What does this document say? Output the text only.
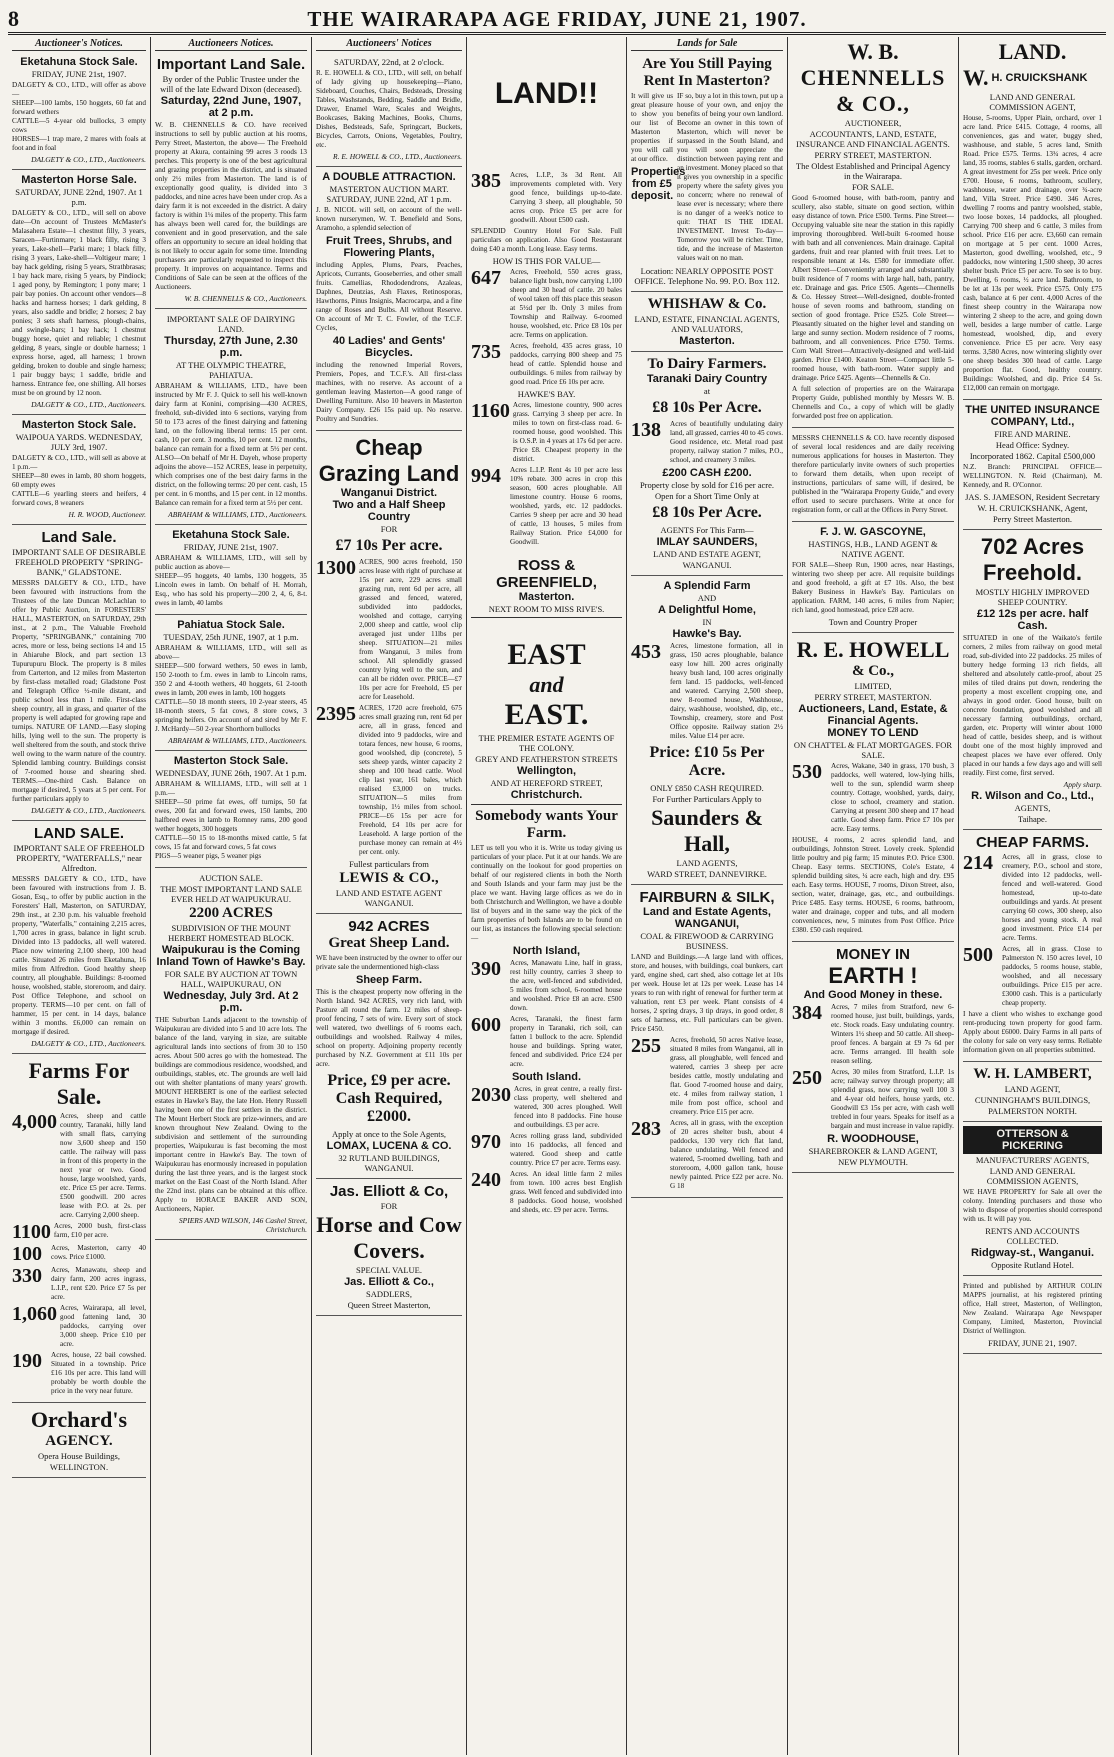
8	THE WAIRARAPA AGE FRIDAY, JUNE 21, 1907.
Auctioneer's Notices.
Eketahuna Stock Sale.
FRIDAY, JUNE 21st, 1907.
DALGETY & CO., LTD., will offer as above—
SHEEP—100 lambs, 150 hoggets, 60 fat and forward wethers
CATTLE—5 4-year old bullocks, 3 empty cows
HORSES—1 trap mare, 2 mares with foals at foot and in foal
DALGETY & CO., LTD., Auctioneers.
Masterton Horse Sale.
SATURDAY, JUNE 22nd, 1907. At 1 p.m.
DALGETY & CO., LTD., will sell on above date—On account of Trustees McMaster's Malasahera Estate—1 chestnut filly, 3 years, Saracen—Furtinmare; 1 black filly, rising 3 years, Lake-shell—Parki mare; 1 black filly, rising 3 years, Lake-shell—Voltigeur mare; 1 bay hack gelding, rising 5 years, Strathbrasas; 1 bay hack mare, rising 5 years, by Pindiock; 1 aged pony, by Remington; 1 pony mare; 1 pair bay ponies. On account other vendors—8 hacks and harness horses; 1 dark gelding, 8 years, also saddle and bridle; 2 horses; 2 bay ponies; 3 sets shaft harness, plough-chains, and swingle-bars; 1 bay hack; 1 chestnut buggy horse, quiet and reliable; 1 chestnut gelding, 8 years, single or double harness; 1 express horse, aged, all harness; 1 brown gelding, broken to double and single harness; 1 pair buggy bays; 1 saddle, bridle and harness. Entrance fee, one shilling. All horses must be on ground by 12 noon.
DALGETY & CO., LTD., Auctioneers.
Masterton Stock Sale.
WAIPOUA YARDS. WEDNESDAY, JULY 3rd, 1907.
DALGETY & CO., LTD., will sell as above at 1 p.m.—
SHEEP—80 ewes in lamb, 80 shorn hoggets, 60 empty ewes
CATTLE—6 yearling steers and heifers, 4 forward cows, 8 weaners
H. R. WOOD, Auctioneer.
Land Sale.
IMPORTANT SALE OF DESIRABLE FREEHOLD PROPERTY "SPRING-BANK," GLADSTONE.
MESSRS DALGETY & CO., LTD., have been favoured with instructions from the Trustees of the late Duncan McLachlan to offer by Public Auction, in FORESTERS' HALL, MASTERTON, on SATURDAY, 29th inst., at 2 p.m., The Valuable Freehold Property, "SPRINGBANK," containing 700 acres, more or less, being sections 14 and 15 in Ahiaruhe Block, and part section 13 Tupurupuru Block. The property is 8 miles from Carterton, and 12 miles from Masterton by first-class metalled road; Gladstone Post and Telegraph Office ½-mile distant, and public school less than 1 mile. First-class sheep country, all in grass, and quarter of the property is well adapted for growing rape and turnips. NATURE OF LAND.—Easy sloping hills, lying well to the sun. The property is well sheltered from the south, and stock thrive well owing to the warm nature of the country. Splendid lambing country. Buildings consist of 7-roomed house and shearing shed. TERMS.—One-third Cash. Balance on mortgage if desired, 5 years at 5 per cent. For further particulars apply to
DALGETY & CO., LTD., Auctioneers.
LAND SALE.
IMPORTANT SALE OF FREEHOLD PROPERTY, "WATERFALLS," near Alfredton.
MESSRS DALGETY & CO., LTD., have been favoured with instructions from J. B. Gosan, Esq., to offer by public auction in the Foresters' Hall, Masterton, on SATURDAY, 29th inst., at 2.30 p.m. his valuable freehold property, "Waterfalls," containing 2,215 acres, 1,700 acres in grass, balance in light scrub. Divided into 13 paddocks, all well watered. Place now wintering 2,100 sheep, 100 head cattle. Situated 26 miles from Eketahuna, 16 miles from Alfredton. Good healthy sheep country, all ploughable. Buildings: 8-roomed house, woolshed, stable, storeroom, and dairy. Post Office Telephone, and school on property. TERMS—10 per cent. on fall of hammer, 15 per cent. in 14 days, balance within 3 months. £6,000 can remain on mortgage if desired.
DALGETY & CO., LTD., Auctioneers.
Farms For Sale.
4,000 Acres, sheep and cattle country, Taranaki, hilly land with small flats, carrying now 3,600 sheep and 150 cattle. The railway will pass in front of this property in the next year or two. Good house, large woolshed, yards, etc. Price £5 per acre. Terms. £500 goodwill. 200 acres lease with P.O. at 2s. per acre. Carrying 2,000 sheep.
1100 Acres, 2000 bush, first-class farm, £10 per acre.
100	Acres, Masterton, carry 40 cows. Price £1000.
330	Acres, Manawatu, sheep and dairy farm, 200 acres ingrass, L.I.P., rent £20. Price £7 5s per acre.
1,060 Acres, Wairarapa, all level, good fattening land, 30 paddocks, carrying over 3,000 sheep. Price £10 per acre.
190	Acres, house, 22 bail cowshed. Situated in a township. Price £16 10s per acre. This land will probably be worth double the price in the very near future.
Orchard's
AGENCY.
Opera House Buildings,
WELLINGTON.
Auctioneers Notices.
Important Land Sale.
By order of the Public Trustee under the will of the late Edward Dixon (deceased).
Saturday, 22nd June, 1907, at 2 p.m.
W. B. CHENNELLS & CO. have received instructions to sell by public auction at his rooms, Perry Street, Masterton, the above— The Freehold property at Akura, containing 99 acres 3 roods 13 perches. This property is one of the best agricultural and grazing properties in the district, and is situated only 2½ miles from Masterton. The land is of exceptionally good quality, is divided into 3 paddocks, and nine acres have been under crop. As a dairy farm it is not exceeded in the district. A dairy factory is within 1¼ miles of the property. This farm has always been well cared for, the buildings are convenient and in good preservation, and the sale offers an opportunity to secure an ideal holding that is not likely to occur again for some time. Intending purchasers are particularly requested to inspect this property. It improves on acquaintance. Terms and Conditions of Sale can be seen at the offices of the Auctioneers.
W. B. CHENNELLS & CO., Auctioneers.
IMPORTANT SALE OF DAIRYING LAND.
Thursday, 27th June, 2.30 p.m.
AT THE OLYMPIC THEATRE, PAHIATUA.
ABRAHAM & WILLIAMS, LTD., have been instructed by Mr F. J. Quick to sell his well-known dairy farm at Konini, comprising—430 ACRES, freehold, sub-divided into 6 sections, varying from 50 to 173 acres of the finest dairying and fattening land, on the following liberal terms: 15 per cent. cash, 10 per cent. 3 months, 10 per cent. 12 months, balance can remain for a fixed term at 5½ per cent. ALSO—On behalf of Mr H. Dayeh, whose property adjoins the above—152 ACRES, lease in perpetuity, which comprises one of the best dairy farms in the district, on the following terms: 20 per cent. cash, 15 per cent. in 6 months, and 15 per cent. in 12 months. Balance can remain for a fixed term at 5½ per cent.
ABRAHAM & WILLIAMS, LTD., Auctioneers.
Eketahuna Stock Sale.
FRIDAY, JUNE 21st, 1907.
ABRAHAM & WILLIAMS, LTD., will sell by public auction as above—
SHEEP—95 hoggets, 40 lambs, 130 hoggets, 35 Lincoln ewes in lamb. On behalf of H. Morrah, Esq., who has sold his property—200 2, 4, 6, 8-t. ewes in lamb, 40 lambs
Pahiatua Stock Sale.
TUESDAY, 25th JUNE, 1907, at 1 p.m.
ABRAHAM & WILLIAMS, LTD., will sell as above—
SHEEP—500 forward wethers, 50 ewes in lamb, 150 2-tooth to f.m. ewes in lamb to Lincoln rams, 350 2 and 4-tooth wethers, 40 hoggets, 61 2-tooth ewes in lamb, 200 ewes in lamb, 100 hoggets
CATTLE—50 18 month steers, 10 2-year steers, 45 18-month steers, 5 fat cows, 8 store cows, 3 springing heifers. On account of and sired by Mr F. J. McHardy—50 2-year Shorthorn bullocks
ABRAHAM & WILLIAMS, LTD., Auctioneers.
Masterton Stock Sale.
WEDNESDAY, JUNE 26th, 1907. At 1 p.m.
ABRAHAM & WILLIAMS, LTD., will sell at 1 p.m.—
SHEEP—50 prime fat ewes, off turnips, 50 fat ewes, 200 fat and forward ewes, 150 lambs, 200 halfbred ewes in lamb to Romney rams, 200 good wether hoggets, 300 hoggets
CATTLE—50 15 to 18-months mixed cattle, 5 fat cows, 15 fat and forward cows, 5 fat cows
PIGS—5 weaner pigs, 5 weaner pigs
AUCTION SALE.
THE MOST IMPORTANT LAND SALE EVER HELD AT WAIPUKURAU.
2200 ACRES
SUBDIVISION OF THE MOUNT HERBERT HOMESTEAD BLOCK.
Waipukurau is the Coming Inland Town of Hawke's Bay.
FOR SALE BY AUCTION AT TOWN HALL, WAIPUKURAU, ON
Wednesday, July 3rd. At 2 p.m.
THE Suburban Lands adjacent to the township of Waipukurau are divided into 5 and 10 acre lots. The balance of the land, varying in size, are suitable agricultural lands into sections of from 30 to 150 acres. About 500 acres go with the homestead. The buildings are commodious residence, woodshed, and outbuildings, stables, etc. The grounds are well laid out with shelter plantations of many years' growth. MOUNT HERBERT is one of the earliest selected estates in Hawke's Bay, the late Hon. Henry Russell having been one of the first settlers in the district. The Mount Herbert Stock are prize-winners, and are known throughout New Zealand. Owing to the subdivision and settlement of the surrounding properties, Waipukurau is fast becoming the most important centre in Hawke's Bay. The town of Waipukurau has enormously increased in population during the last three years, and is the largest stock market on the East Coast of the North Island. After the 22nd inst. plans can be obtained at this office. Apply to HORACE BAKER AND SON, Auctioneers, Napier.
SPIERS AND WILSON, 146 Cashel Street, Christchurch.
Auctioneers' Notices
SATURDAY, 22nd, at 2 o'clock.
R. E. HOWELL & CO., LTD., will sell, on behalf of lady giving up housekeeping—Piano, Sideboard, Couches, Chairs, Bedsteads, Dressing Tables, Washstands, Bedding, Saddle and Bridle, Drawer, Enamel Ware, Scales and Weights, Bookcases, Baking Machines, Books, Churns, Dishes, Bedsteads, Safe, Springcart, Buckets, Bicycles, Carrots, Onions, Vegetables, Poultry, etc.
R. E. HOWELL & CO., LTD., Auctioneers.
A DOUBLE ATTRACTION.
MASTERTON AUCTION MART. SATURDAY, JUNE 22nd, AT 1 p.m.
J. B. NICOL will sell, on account of the well-known nurserymen, W. T. Benefield and Sons, Aramoho, a splendid selection of
Fruit Trees, Shrubs, and Flowering Plants,
including Apples, Plums, Pears, Peaches, Apricots, Currants, Gooseberries, and other small fruits. Camellias, Rhododendrons, Azaleas, Daphnes, Deutzias, Ash Flaxes, Retinosporas, Hawthorns, Pinus Insignis, Macrocarpa, and a fine range of Roses and Bulbs. All without Reserve. On account of Mr T. C. Fowler, of the T.C.F. Cycles,
40 Ladies' and Gents' Bicycles.
including the renowned Imperial Rovers, Premiers, Popes, and T.C.F.'s. All first-class machines, with no reserve. As account of a gentleman leaving Masterton—A good range of Dwelling Furniture. Also 10 heavers in Masterton Dairy Company. £26 15s paid up. No reserve. Poultry and Sundries.
Cheap
Grazing Land
Wanganui District.
Two and a Half Sheep Country
FOR
£7 10s Per acre.
1300 ACRES, 900 acres freehold, 150 acres lease with right of purchase at 15s per acre, 229 acres small grazing run, rent 6d per acre, all grassed and fenced, watered, subdivided into paddocks, woolshed and cottage, carrying 2,000 sheep and cattle, wool clip averaged just under 11lbs per sheep. SITUATION—21 miles from Wanganui, 3 miles from school. All splendidly grassed country lying well to the sun, and can all be ridden over. PRICE—£7 10s per acre for Freehold, £5 per acre for Leasehold.
2395 ACRES, 1720 acre freehold, 675 acres small grazing run, rent 6d per acre, all in grass, fenced and divided into 9 paddocks, wire and totara fences, new house, 6 rooms, good woolshed, dip (concrete), 5 sets sheep yards, winter capacity 2 sheep and 100 head cattle. Wool clip last year, 161 bales, which realised £3,000 on trucks. SITUATION—5 miles from township, 1½ miles from school. PRICE—£6 15s per acre for Freehold, £4 10s per acre for Leasehold. A large portion of the purchase money can remain at 4½ per cent. only.
Fullest particulars from
LEWIS & CO.,
LAND AND ESTATE AGENT WANGANUI.
942 ACRES
Great Sheep Land.
WE have been instructed by the owner to offer our private sale the undermentioned high-class
Sheep Farm.
This is the cheapest property now offering in the North Island. 942 ACRES, very rich land, with Pasture all round the farm. 12 miles of sheep-proof fencing, 7 sets of wire. Every sort of stock well watered, two dwellings of 6 rooms each, outbuildings and woolshed. Railway 4 miles, school on property. Adjoining property recently purchased by N.Z. Government at £11 10s per acre.
Price, £9 per acre. Cash Required, £2000.
Apply at once to the Sole Agents,
LOMAX, LUCENA & CO.
32 RUTLAND BUILDINGS, WANGANUI.
Jas. Elliott & Co,
FOR
Horse and Cow Covers.
SPECIAL VALUE.
Jas. Elliott & Co.,
SADDLERS,
Queen Street Masterton,
LAND!!
385	Acres, L.I.P., 3s 3d Rent. All improvements completed with. Very good fence, buildings up-to-date. Carrying 3 sheep, all ploughable, 50 acres crop. Price £5 per acre for goodwill. About £500 cash.
SPLENDID Country Hotel For Sale. Full particulars on application. Also Good Restaurant doing £40 a month. Long lease. Easy terms.
HOW IS THIS FOR VALUE—
647	Acres, Freehold, 550 acres grass, balance light bush, now carrying 1,100 sheep and 30 head of cattle. 20 bales of wool taken off this place this season at 5½d per lb. Only 3 miles from Township and Railway. 6-roomed house, woolshed, etc. Price £8 10s per acre. Terms on application.
735	Acres, freehold, 435 acres grass, 10 paddocks, carrying 800 sheep and 75 head of cattle. Splendid house and outbuildings. 6 miles from railway by good road. Price £6 10s per acre.
HAWKE'S BAY.
1160 Acres, limestone country, 900 acres grass. Carrying 3 sheep per acre. In miles to town on first-class road. 6-roomed house, good woolshed. This is O.S.P. in 4 years at 17s 6d per acre. Price £8. Cheapest property in the district.
994	Acres L.I.P. Rent 4s 10 per acre less 10% rebate. 300 acres in crop this season, 600 acres ploughable. All limestone country. House 6 rooms, woolshed, yards, etc. 12 paddocks. Carries 9 sheep per acre and 30 head of cattle, 13 houses, 5 miles from Railway Station. Price £4,000 for Goodwill.
ROSS & GREENFIELD,
Masterton.
NEXT ROOM TO MISS RIVE'S.
EAST
and
EAST.
THE PREMIER ESTATE AGENTS OF THE COLONY.
GREY AND FEATHERSTON STREETS
Wellington,
AND AT HEREFORD STREET,
Christchurch.
Somebody wants Your Farm.
LET us tell you who it is. Write us today giving us particulars of your place. Put it at our hands. We are continually on the lookout for good properties on behalf of our registered clients in both the North and South Islands and your farm may just be the place we want. Having large offices as we do in both Christchurch and Wellington, we have a double list of buyers and in the same way the pick of the farm properties of both Islands are to be found on our list, as instances the following special selection:—
North Island,
390	Acres, Manawatu Line, half in grass, rest hilly country, carries 3 sheep to the acre, well-fenced and subdivided, 5 miles from school, 6-roomed house and woolshed. Price £8 an acre. £500 down.
600	Acres, Taranaki, the finest farm property in Taranaki, rich soil, can fatten 1 bullock to the acre. Splendid house and buildings. Spring water, fenced and subdivided. Price £24 per acre.
South Island.
2030 Acres, in great centre, a really first-class property, well sheltered and watered, 300 acres ploughed. Well fenced into 8 paddocks. Fine house and outbuildings. £3 per acre.
970	Acres rolling grass land, subdivided into 16 paddocks, all fenced and watered. Good sheep and cattle country. Price £7 per acre. Terms easy.
240	Acres. An ideal little farm 2 miles from town. 100 acres best English grass. Well fenced and subdivided into 8 paddocks. Good house, woolshed and sheds, etc. £9 per acre. Terms.
Lands for Sale
Are You Still Paying Rent In Masterton?
It will give us great pleasure to show you our list of Masterton properties if you will call at our office.
Properties from £5 deposit.
IF so, buy a lot in this town, put up a house of your own, and enjoy the benefits of being your own landlord. Become an owner in this town of Masterton, which will never be surpassed in the South Island, and you will soon appreciate the distinction between paying rent and an investment. Money placed so that it gives you ownership in a specific property where the safety gives you no concern; where no renewal of lease ever is necessary; where there is no danger of a week's notice to quit: THAT IS THE IDEAL INVESTMENT. Invest To-day—Tomorrow you will be richer. Time, tide, and the increase of Masterton values wait on no man.
Location: NEARLY OPPOSITE POST OFFICE. Telephone No. 99. P.O. Box 112.
WHISHAW & Co.
LAND, ESTATE, FINANCIAL AGENTS, AND VALUATORS,
Masterton.
To Dairy Farmers.
Taranaki Dairy Country
at
£8 10s Per Acre.
138	Acres of beautifully undulating dairy land, all grassed, carries 40 to 45 cows. Good residence, etc. Metal road past property, railway station 7 miles, P.O., school, and creamery 3 miles.
£200 CASH £200.
Property close by sold for £16 per acre.
Open for a Short Time Only at
£8 10s Per Acre.
AGENTS For This Farm—
IMLAY SAUNDERS,
LAND AND ESTATE AGENT,
WANGANUI.
A Splendid Farm
AND
A Delightful Home,
IN
Hawke's Bay.
453	Acres, limestone formation, all in grass, 150 acres ploughable, balance easy low hill. 200 acres originally heavy bush land, 100 acres originally fern land. 15 paddocks, well-fenced and watered. Carrying 2,500 sheep, new 8-roomed house, Washhouse, dairy, washhouse, woolshed, dip, etc., Township, creamery, store and Post Office opposite. Railway station 2½ miles. Value £14 per acre.
Price: £10 5s Per Acre.
ONLY £850 CASH REQUIRED.
For Further Particulars Apply to
Saunders & Hall,
LAND AGENTS,
WARD STREET, DANNEVIRKE.
FAIRBURN & SILK,
Land and Estate Agents, WANGANUI,
COAL & FIREWOOD & CARRYING BUSINESS.
LAND and Buildings.—A large land with offices, store, and houses, with buildings, coal bunkers, cart yard, engine shed, cart shed, also cottage let at 10s per week. House let at 12s per week. Lease has 14 years to run with right of renewal for further term at valuation, rent £3 per week. Plant consists of 4 horses, 2 spring drays, 3 tip drays, in good order, 8 sets of harness, etc. Full particulars can be given. Price £450.
255	Acres, freehold, 50 acres Native lease, situated 8 miles from Wanganui, all in grass, all ploughable, well fenced and watered, carries 3 sheep per acre besides cattle, mostly undulating and flat. Good 7-roomed house and dairy, etc. 4 miles from railway station, 1 mile from post office, school and creamery. Price £15 per acre.
283	Acres, all in grass, with the exception of 20 acres shelter bush, about 4 paddocks, 130 very rich flat land, balance undulating. Well fenced and watered, 5-roomed dwelling, bath and storeroom, 4,000 gallon tank, house newly painted. Price £22 per acre. No. G 18
W. B.
CHENNELLS & CO.,
AUCTIONEER,
ACCOUNTANTS, LAND, ESTATE, INSURANCE AND FINANCIAL AGENTS.
PERRY STREET, MASTERTON.
The Oldest Established and Principal Agency in the Wairarapa.
FOR SALE.
Good 6-roomed house, with bath-room, pantry and scullery, also stable, situate on good section, within easy distance of town. Price £500. Terms. Pine Street—Occupying valuable site near the station in this rapidly improving thoroughbred. Well-built 6-roomed house with bath and all conveniences. Main drainage. Capital gardens, fruit and rear planted with fruit trees. Let to responsible tenant at 14s. £580 for immediate offer. Albert Street—Conveniently arranged and substantially built residence of 7 rooms with large hall, bath, pantry, etc. Drainage and gas. Price £505. Agents—Chennells & Co. Hessey Street—Well-designed, double-fronted house of seven rooms and bathroom, standing on section of good frontage. Price £525. Cole Street—Pleasantly situated on the higher level and standing on large and sunny section. Modern residence of 7 rooms, bathroom, and all conveniences. Price £750. Terms. Corn Wall Street—Attractively-designed and well-laid garden. Price £1400. Keaton Street—Compact little 5-roomed house, with bath-room. Water supply and drainage. Price £425. Agents—Chennells & Co.
A full selection of properties are on the Wairarapa Property Guide, published monthly by Messrs W. B. Chennells and Co., a copy of which will be gladly forwarded post free on application.
MESSRS CHENNELLS & CO. have recently disposed of several local residences and are daily receiving numerous applications for houses in Masterton. They therefore particularly invite owners of such properties to forward them details, when upon receipt of instructions, particulars of same will, if desired, be published in the "Wairarapa Property Guide," and every effort used to secure purchasers. Write at once for registration form, or call at the Offices in Perry Street.
F. J. W. GASCOYNE,
HASTINGS, H.B., LAND AGENT & NATIVE AGENT.
FOR SALE—Sheep Run, 1900 acres, near Hastings, wintering two sheep per acre. All requisite buildings and good freehold, a gift at £7 10s. Also, the best Bakery Business in Hawke's Bay. Particulars on application. FARM, 140 acres, 6 miles from Napier; rich land, good homestead, price £28 acre.
Town and Country Proper
R. E. HOWELL
& Co.,
LIMITED,
PERRY STREET, MASTERTON.
Auctioneers, Land, Estate, & Financial Agents.
MONEY TO LEND
ON CHATTEL & FLAT MORTGAGES. FOR SALE.
530	Acres, Wakane, 340 in grass, 170 bush, 3 paddocks, well watered, low-lying hills, well to the sun, splendid warm sheep country. Cottage, woolshed, yards, dairy, close to school, creamery and station. Carrying at present 300 sheep and 17 head cattle. Good sheep farm. Price £7 10s per acre. Easy terms.
HOUSE, 4 rooms, 2 acres splendid land, and outbuildings, Johnston Street. Lovely creek. Splendid little poultry and pig farm; 15 minutes P.O. Price £300. Cheap. Easy terms. SECTIONS, Cole's Estate, 4 splendid building sites, ¼ acre each, high and dry. £95 each. Easy terms. HOUSE, 7 rooms, Dixon Street, also, section, water, drainage, gas, etc., and outbuildings. Price £485. Easy terms. HOUSE, 6 rooms, bathroom, water and drainage, copper and tubs, and all modern conveniences, new, 5 minutes from Post Office. Price £380. £50 cash required.
MONEY IN
EARTH !
And Good Money in these.
384	Acres, 7 miles from Stratford, new 6-roomed house, just built, buildings, yards, etc. Stock roads. Easy undulating country. Winters 1½ sheep and 50 cattle. All sheep-proof fences. A bargain at £9 7s 6d per acre. Terms arranged. Ill health sole reason selling.
250	Acres, 30 miles from Stratford, L.I.P. 1s acre; railway survey through property; all splendid grass, now carrying well 100 3 and 4-year old heifers, house yards, etc. Goodwill £3 15s per acre, with cash well trebled in four years. Speaks for itself as a bargain and must increase in value rapidly.
R. WOODHOUSE,
SHAREBROKER & LAND AGENT,
NEW PLYMOUTH.
LAND.
W. H. CRUICKSHANK
LAND AND GENERAL COMMISSION AGENT,
House, 5-rooms, Upper Plain, orchard, over 1 acre land. Price £415. Cottage, 4 rooms, all conveniences, gas and water, buggy shed, washhouse, and stable, 5 acres land, Smith Road. Price £575. Terms. 13¾ acres, 4 acre land, 35 rooms, stables 6 stalls, garden, orchard. A great investment for 25s per week. Price only £700. House, 6 rooms, bathroom, scullery, washhouse, water and drainage, over ¾-acre land, Villa Street. Price £490. 346 Acres, dwelling 7 rooms and pantry woolshed, stable, two loose boxes, 14 paddocks, all ploughed. Carrying 700 sheep and 6 cattle, 3 miles from school. Price £16 per acre. £3,660 can remain on mortgage at 5 per cent. 1000 Acres, Masterton, good dwelling, woolshed, etc., 9 paddocks, now wintering 1,500 sheep, 30 acres shelter bush. Price £5 per acre. To see is to buy. Dwelling, 6 rooms, ½ acre land. Bathroom, to be let at 13s per week. Price £575. Only £75 cash, balance at 6 per cent. 4,000 Acres of the finest sheep country in the Wairarapa now wintering 2 sheep to the acre, and going down well, besides a large number of cattle. Large homestead, woolshed, dip, and every convenience. Price £5 per acre. Very easy terms. 3,580 Acres, now wintering slightly over one sheep besides 300 head of cattle. Large proportion flat. Good, healthy country. Buildings: Woolshed, and dip. Price £4 5s. £12,000 can remain on mortgage.
THE UNITED INSURANCE COMPANY, Ltd.,
FIRE AND MARINE.
Head Office: Sydney.
Incorporated 1862. Capital £500,000
N.Z. Branch: PRINCIPAL OFFICE—WELLINGTON. N. Reid (Chairman), M. Kennedy, and R. O'Connor.
JAS. S. JAMESON, Resident Secretary
W. H. CRUICKSHANK, Agent,
Perry Street Masterton.
702 Acres Freehold.
MOSTLY HIGHLY IMPROVED SHEEP COUNTRY.
£12 12s per acre. half Cash.
SITUATED in one of the Waikato's fertile corners, 2 miles from railway on good metal road, sub-divided into 22 paddocks. 25 miles of buttery hedge forming 13 rich fields, all sheltered and absolutely cattle-proof, about 25 miles of tiled drains put down, rendering the property a most excellent cropping one, and always in good order. Good house, built on concrete foundation, good woolshed and all necessary farming outbuildings, orchard, garden, etc. Property will winter about 1000 head of cattle, besides sheep, and is without doubt one of the most highly improved and cheapest places we have ever offered. Only placed in our hands a few days ago and will sell readily. First come, first served.
Apply sharp.
R. Wilson and Co., Ltd.,
AGENTS,
Taihape.
CHEAP FARMS.
214	Acres, all in grass, close to creamery, P.O., school and store, divided into 12 paddocks, well-fenced and well-watered. Good homestead, up-to-date outbuildings and yards. At present carrying 60 cows, 300 sheep, also horses and young stock. A real good investment. Price £14 per acre. Terms.
500	Acres, all in grass. Close to Palmerston N. 150 acres level, 10 paddocks, 5 rooms house, stable, woolshed, and all necessary outbuildings. Price £15 per acre. £3000 cash. This is a particularly cheap property.
I have a client who wishes to exchange good rent-producing town property for good farm. Apply about £6000. Dairy Farms in all parts of the colony for sale on very easy terms. Reliable information given on all properties submitted.
W. H. LAMBERT,
LAND AGENT,
CUNNINGHAM'S BUILDINGS,
PALMERSTON NORTH.
OTTERSON & PICKERING
MANUFACTURERS' AGENTS,
LAND AND GENERAL COMMISSION AGENTS,
WE HAVE PROPERTY for Sale all over the colony. Intending purchasers and those who wish to dispose of properties should correspond with us. It will pay you.
RENTS AND ACCOUNTS COLLECTED.
Ridgway-st., Wanganui.
Opposite Rutland Hotel.
Printed and published by ARTHUR COLIN MAPPS journalist, at his registered printing office, Hall street, Masterton, of Wellington, New Zealand. Wairarapa Age Newspaper Company, Limited, Masterton, Provincial District of Wellington.
FRIDAY, JUNE 21, 1907.
